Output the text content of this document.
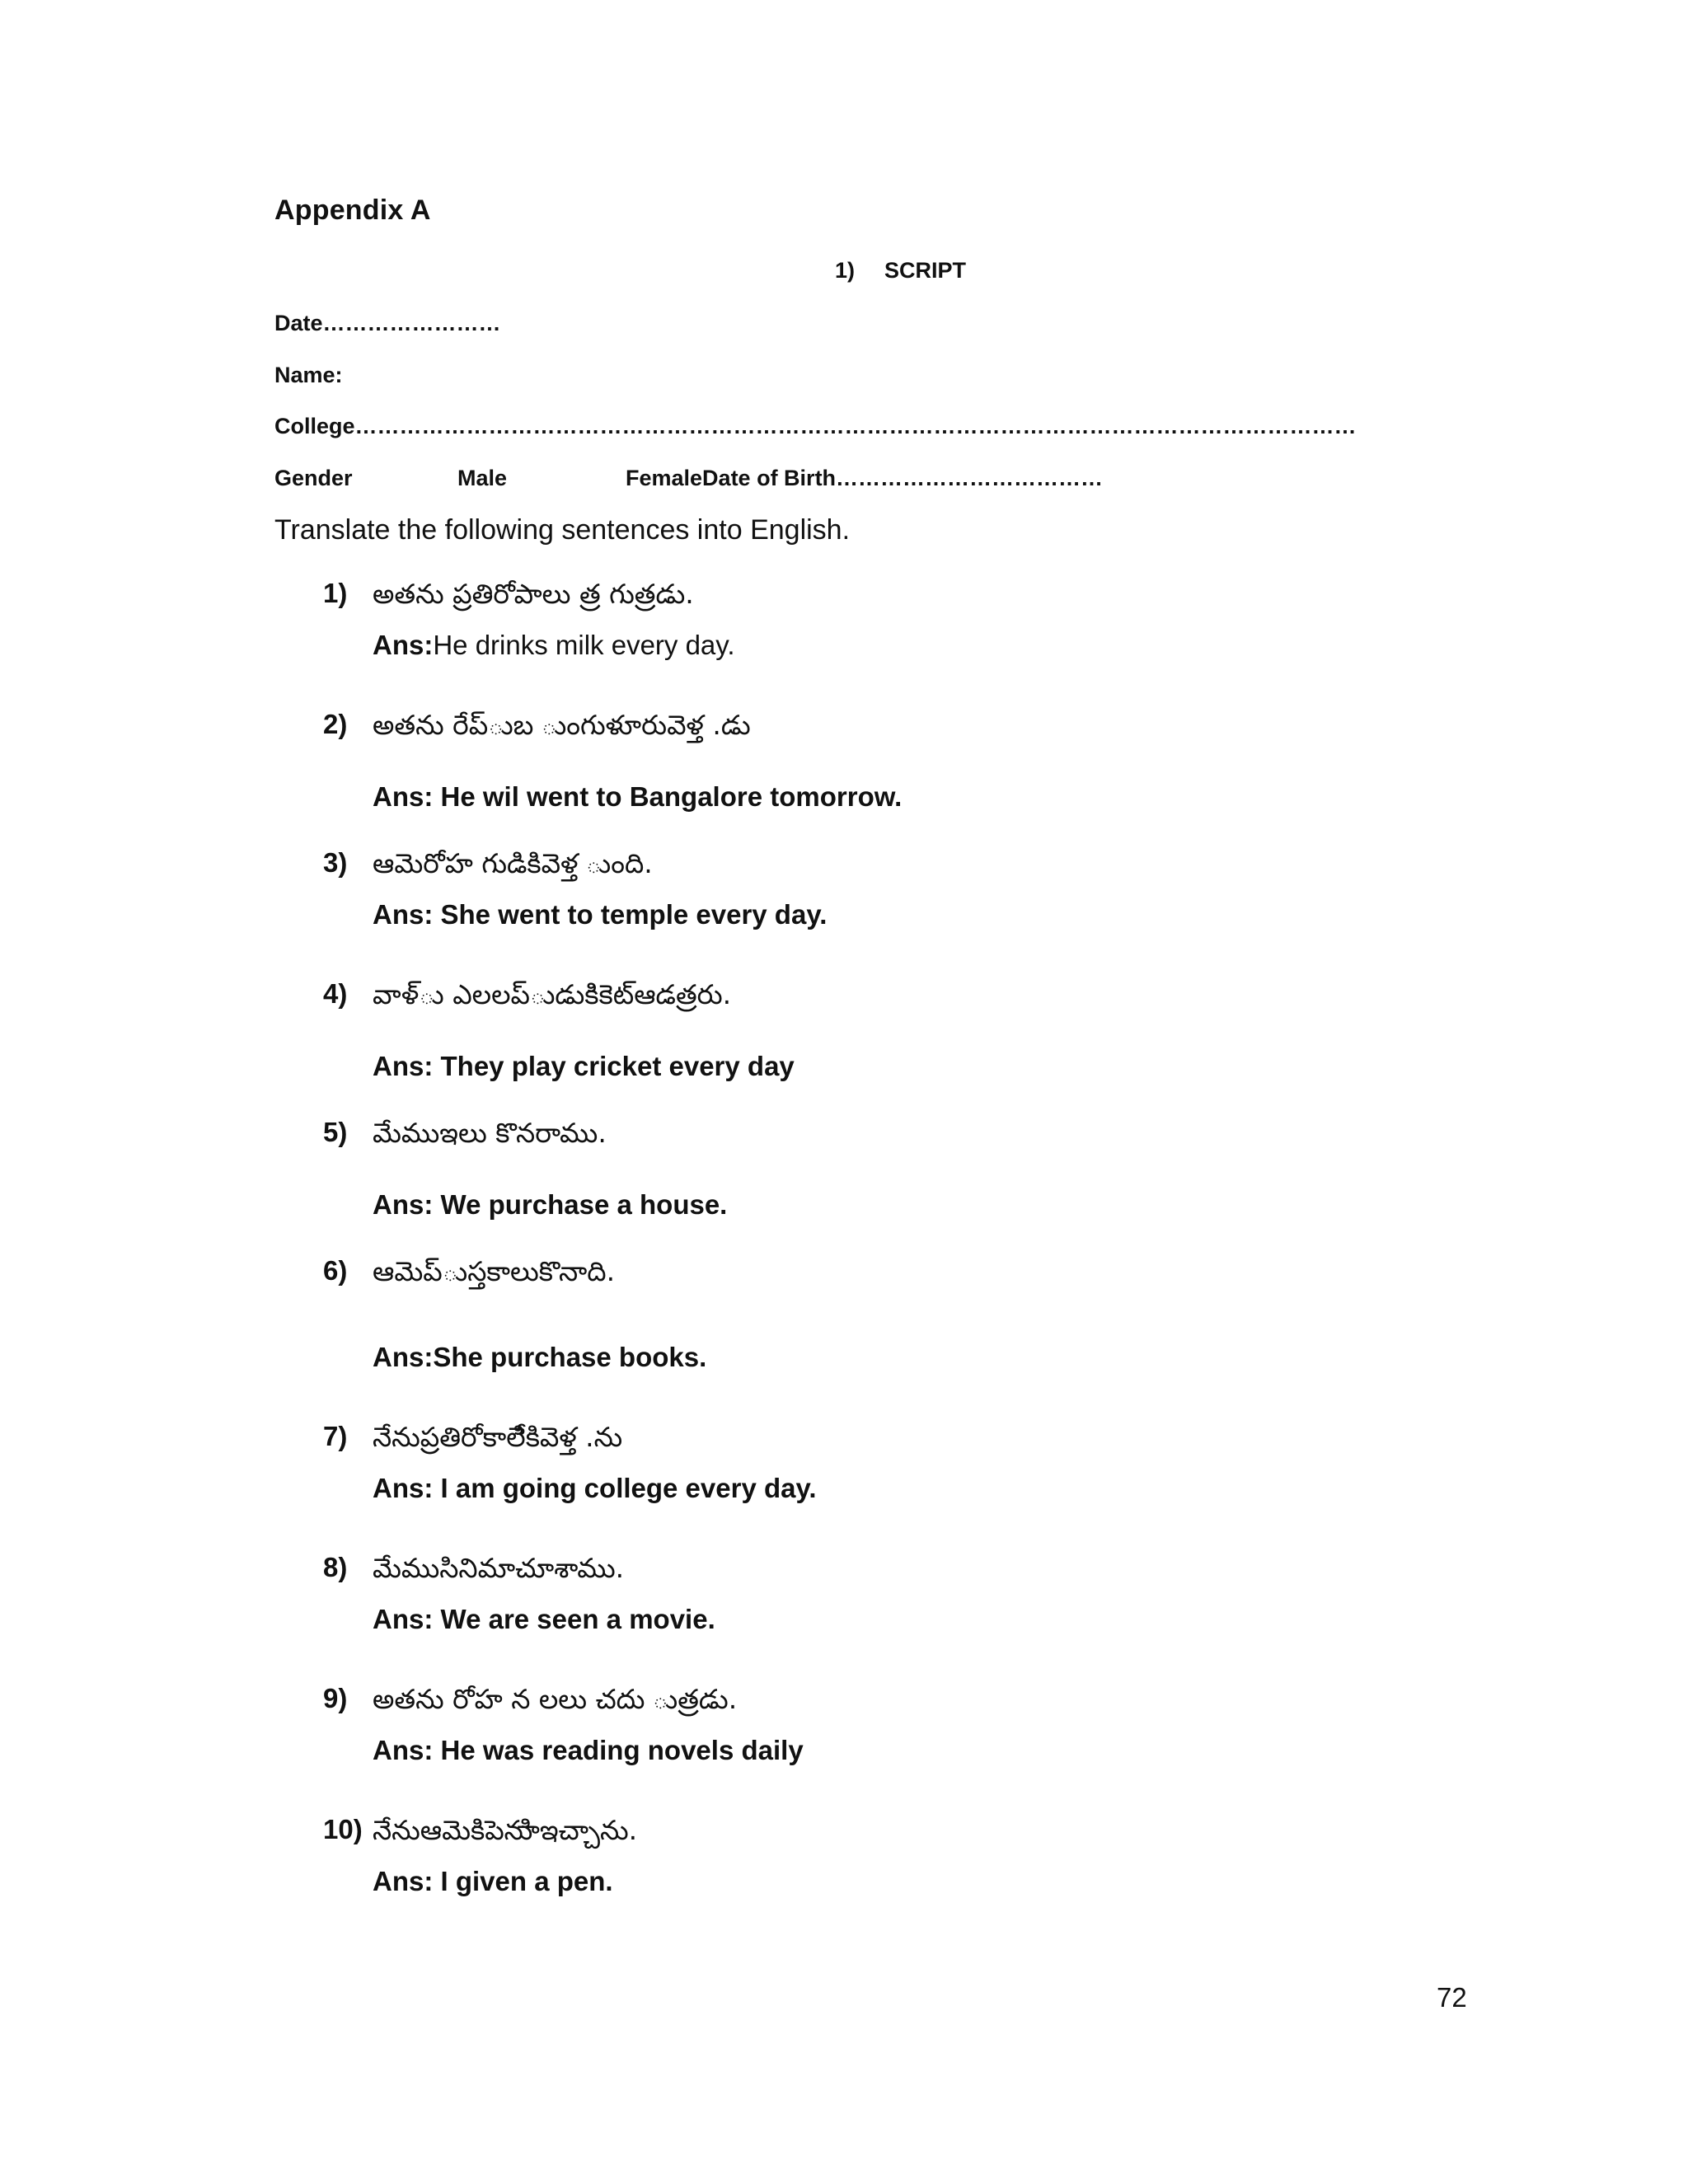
Appendix A
1) SCRIPT
Date……………………
Name:
College………………………………………………………………………………………………………………………
Gender	Male	FemaleDate of Birth………………………………
Translate the following sentences into English.
1) అతను ప్రతిరోపాలు త్ర గుత్రడు.
Ans:He drinks milk every day.
2) అతను రేప్ుబ ుంగుళూరువెళ్త .డు
Ans: He wil went to Bangalore tomorrow.
3) ఆమెరోహ గుడికివెళ్త ుంది.
Ans: She went to temple every day.
4) వాళ్ు ఎలలప్ుడుకిికెట్ఆడత్రరు.
Ans: They play cricket every day
5) మేముఇలు కొనరాము.
Ans: We purchase a house.
6) ఆమెప్ుస్తకాలుకొనాది.
Ans:She purchase books.
7) నేనుప్రతిరోకాలేికివెళ్త .ను
Ans: I am going college every day.
8) మేముసినిమాచూశాము.
Ans: We are seen a movie.
9) అతను రోహ న లలు చదు ుత్రడు.
Ans: He was reading novels daily
10) నేనుఆమెకిపెనుిాఇచ్చాను.
Ans: I given a pen.
72
